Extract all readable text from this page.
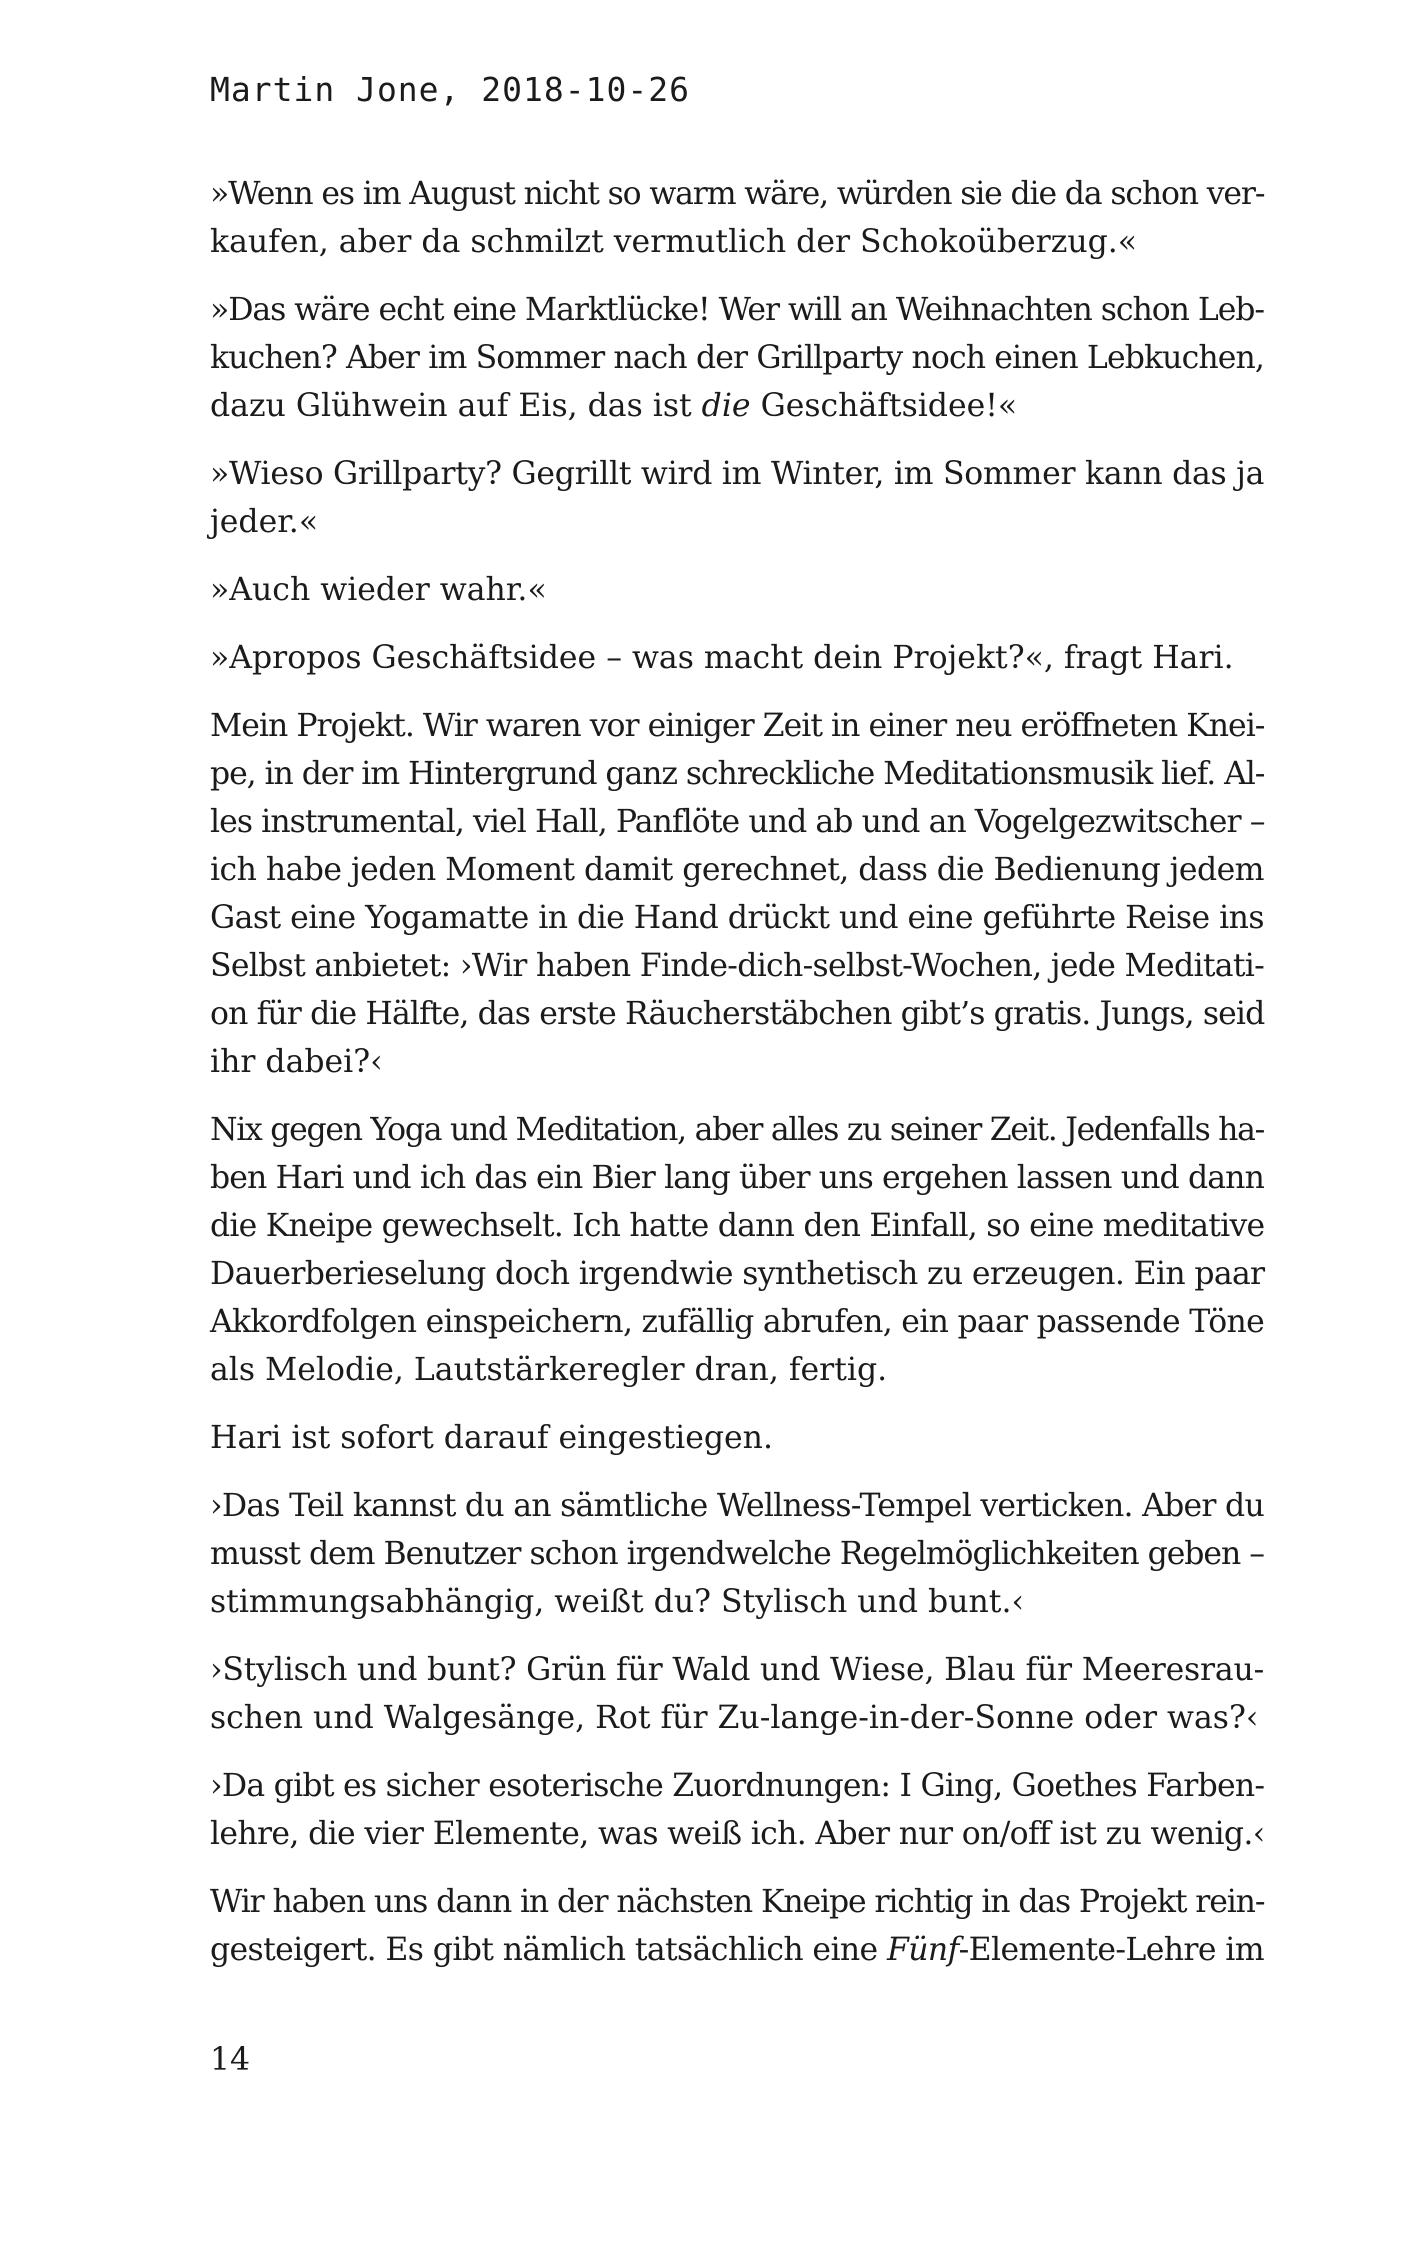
Martin Jone, 2018-10-26
»Wenn es im August nicht so warm wäre, würden sie die da schon ver-
kaufen, aber da schmilzt vermutlich der Schokoüberzug.«
»Das wäre echt eine Marktlücke! Wer will an Weihnachten schon Leb-
kuchen? Aber im Sommer nach der Grillparty noch einen Lebkuchen,
dazu Glühwein auf Eis, das ist die Geschäftsidee!«
»Wieso Grillparty? Gegrillt wird im Winter, im Sommer kann das ja
jeder.«
»Auch wieder wahr.«
»Apropos Geschäftsidee – was macht dein Projekt?«, fragt Hari.
Mein Projekt. Wir waren vor einiger Zeit in einer neu eröffneten Knei-
pe, in der im Hintergrund ganz schreckliche Meditationsmusik lief. Al-
les instrumental, viel Hall, Panflöte und ab und an Vogelgezwitscher –
ich habe jeden Moment damit gerechnet, dass die Bedienung jedem
Gast eine Yogamatte in die Hand drückt und eine geführte Reise ins
Selbst anbietet: ›Wir haben Finde-dich-selbst-Wochen, jede Meditati-
on für die Hälfte, das erste Räucherstäbchen gibt’s gratis. Jungs, seid
ihr dabei?‹
Nix gegen Yoga und Meditation, aber alles zu seiner Zeit. Jedenfalls ha-
ben Hari und ich das ein Bier lang über uns ergehen lassen und dann
die Kneipe gewechselt. Ich hatte dann den Einfall, so eine meditative
Dauerberieselung doch irgendwie synthetisch zu erzeugen. Ein paar
Akkordfolgen einspeichern, zufällig abrufen, ein paar passende Töne
als Melodie, Lautstärkeregler dran, fertig.
Hari ist sofort darauf eingestiegen.
›Das Teil kannst du an sämtliche Wellness-Tempel verticken. Aber du
musst dem Benutzer schon irgendwelche Regelmöglichkeiten geben –
stimmungsabhängig, weißt du? Stylisch und bunt.‹
›Stylisch und bunt? Grün für Wald und Wiese, Blau für Meeresrau-
schen und Walgesänge, Rot für Zu-lange-in-der-Sonne oder was?‹
›Da gibt es sicher esoterische Zuordnungen: I Ging, Goethes Farben-
lehre, die vier Elemente, was weiß ich. Aber nur on/off ist zu wenig.‹
Wir haben uns dann in der nächsten Kneipe richtig in das Projekt rein-
gesteigert. Es gibt nämlich tatsächlich eine Fünf-Elemente-Lehre im
14
